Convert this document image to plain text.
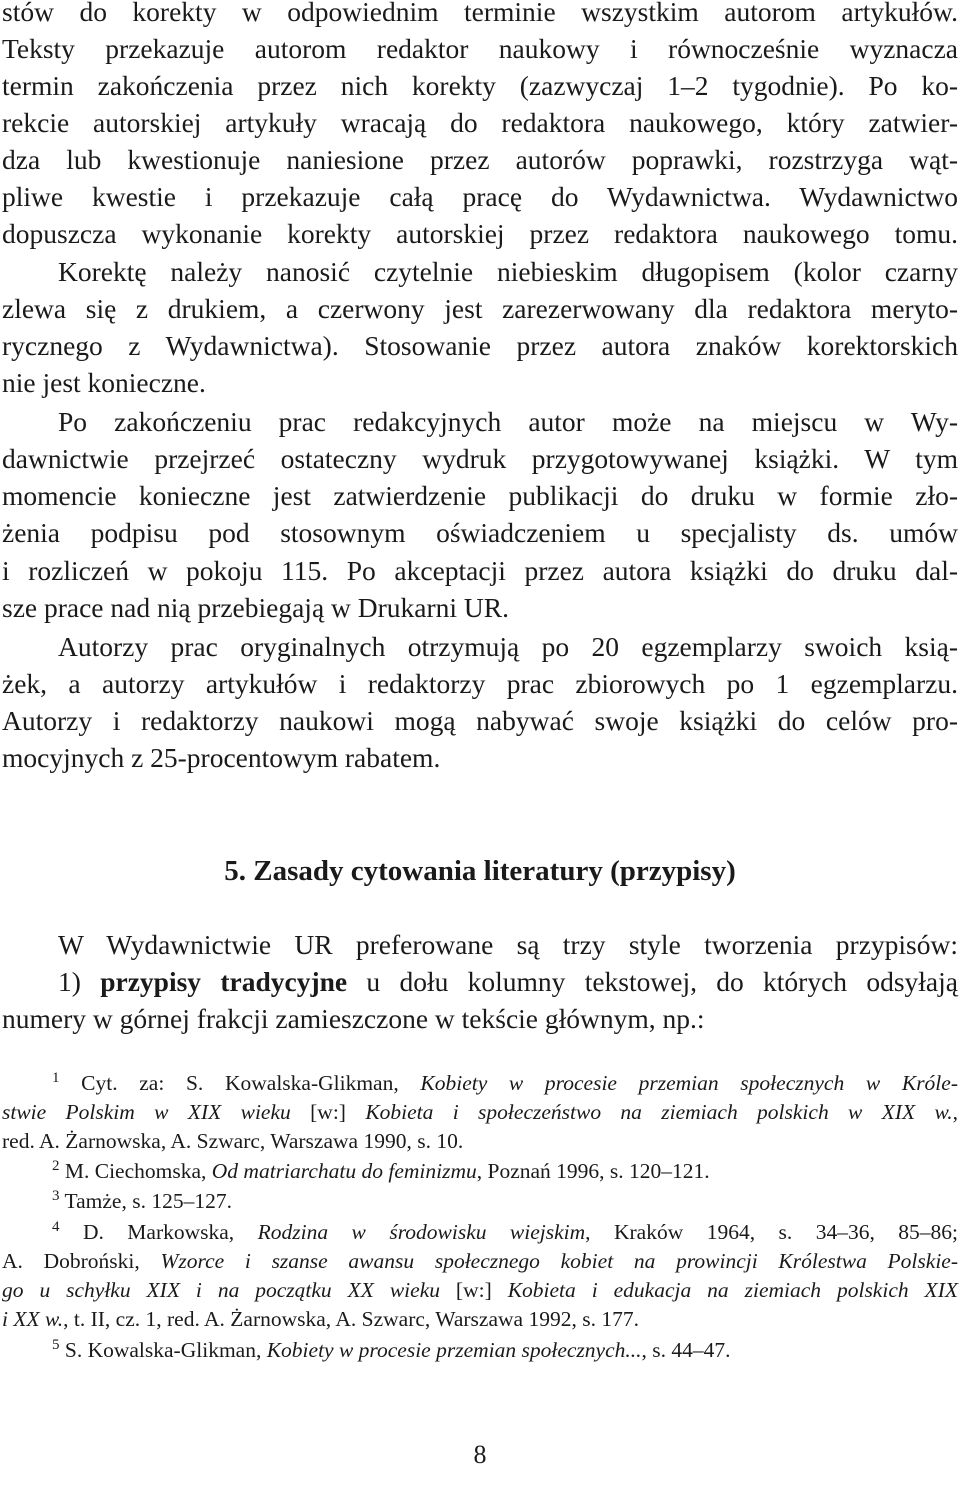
stów do korekty w odpowiednim terminie wszystkim autorom artykułów.
Teksty przekazuje autorom redaktor naukowy i równocześnie wyznacza
termin zakończenia przez nich korekty (zazwyczaj 1–2 tygodnie). Po ko-
rekcie autorskiej artykuły wracają do redaktora naukowego, który zatwier-
dza lub kwestionuje naniesione przez autorów poprawki, rozstrzyga wąt-
pliwe kwestie i przekazuje całą pracę do Wydawnictwa. Wydawnictwo
dopuszcza wykonanie korekty autorskiej przez redaktora naukowego tomu.
Korektę należy nanosić czytelnie niebieskim długopisem (kolor czarny
zlewa się z drukiem, a czerwony jest zarezerwowany dla redaktora meryto-
rycznego z Wydawnictwa). Stosowanie przez autora znaków korektorskich
nie jest konieczne.
Po zakończeniu prac redakcyjnych autor może na miejscu w Wy-
dawnictwie przejrzeć ostateczny wydruk przygotowywanej książki. W tym
momencie konieczne jest zatwierdzenie publikacji do druku w formie zło-
żenia podpisu pod stosownym oświadczeniem u specjalisty ds. umów
i rozliczeń w pokoju 115. Po akceptacji przez autora książki do druku dal-
sze prace nad nią przebiegają w Drukarni UR.
Autorzy prac oryginalnych otrzymują po 20 egzemplarzy swoich ksią-
żek, a autorzy artykułów i redaktorzy prac zbiorowych po 1 egzemplarzu.
Autorzy i redaktorzy naukowi mogą nabywać swoje książki do celów pro-
mocyjnych z 25-procentowym rabatem.
5. Zasady cytowania literatury (przypisy)
W Wydawnictwie UR preferowane są trzy style tworzenia przypisów:
1) przypisy tradycyjne u dołu kolumny tekstowej, do których odsyłają
numery w górnej frakcji zamieszczone w tekście głównym, np.:
$^1$ Cyt. za: S. Kowalska-Glikman, Kobiety w procesie przemian społecznych w Króle-
stwie Polskim w XIX wieku [w:] Kobieta i społeczeństwo na ziemiach polskich w XIX w.,
red. A. Żarnowska, A. Szwarc, Warszawa 1990, s. 10.
$^2$ M. Ciechomska, Od matriarchatu do feminizmu, Poznań 1996, s. 120–121.
$^3$ Tamże, s. 125–127.
$^4$ D. Markowska, Rodzina w środowisku wiejskim, Kraków 1964, s. 34–36, 85–86;
A. Dobroński, Wzorce i szanse awansu społecznego kobiet na prowincji Królestwa Polskie-
go u schyłku XIX i na początku XX wieku [w:] Kobieta i edukacja na ziemiach polskich XIX
i XX w., t. II, cz. 1, red. A. Żarnowska, A. Szwarc, Warszawa 1992, s. 177.
$^5$ S. Kowalska-Glikman, Kobiety w procesie przemian społecznych..., s. 44–47.
8
